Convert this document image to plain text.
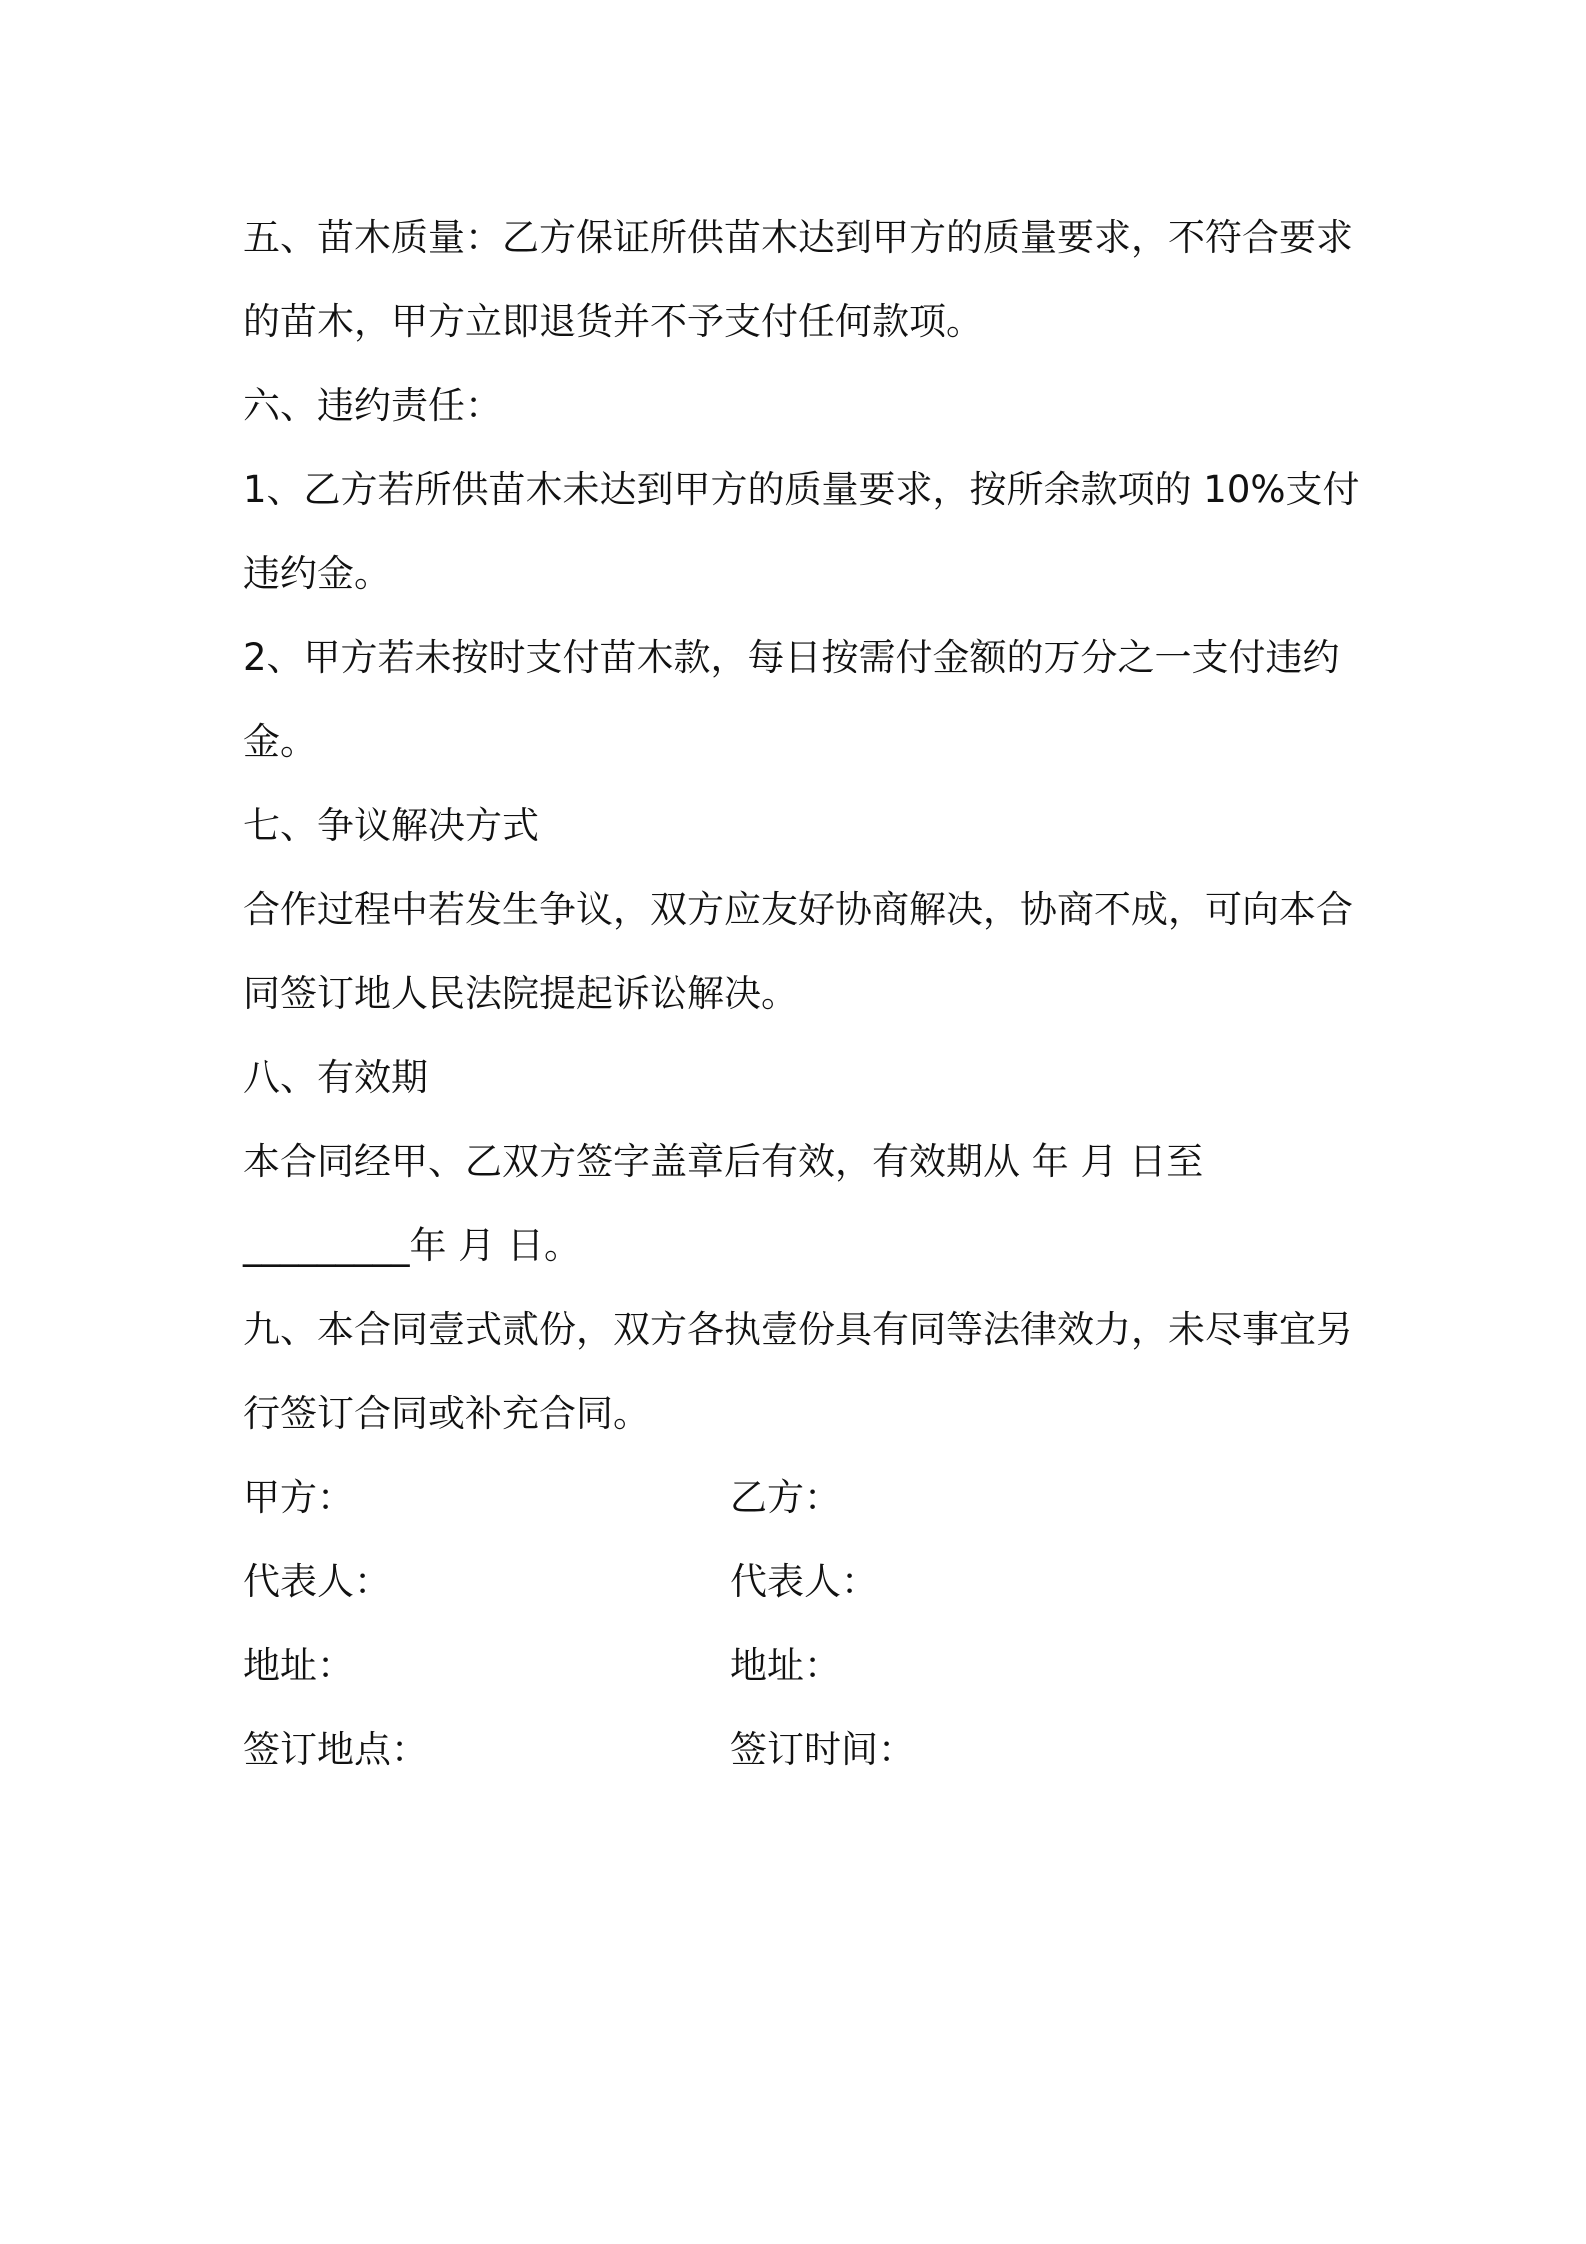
五、苗木质量：乙方保证所供苗木达到甲方的质量要求，不符合要求
的苗木，甲方立即退货并不予支付任何款项。
六、违约责任：
1、乙方若所供苗木未达到甲方的质量要求，按所余款项的 10%支付
违约金。
2、甲方若未按时支付苗木款，每日按需付金额的万分之一支付违约
金。
七、争议解决方式
合作过程中若发生争议，双方应友好协商解决，协商不成，可向本合
同签订地人民法院提起诉讼解决。
八、有效期
本合同经甲、乙双方签字盖章后有效，有效期从 年 月 日至
_________年 月 日。
九、本合同壹式贰份，双方各执壹份具有同等法律效力，未尽事宜另
行签订合同或补充合同。
甲方：	乙方：
代表人：	代表人：
地址：	地址：
签订地点：	签订时间：
